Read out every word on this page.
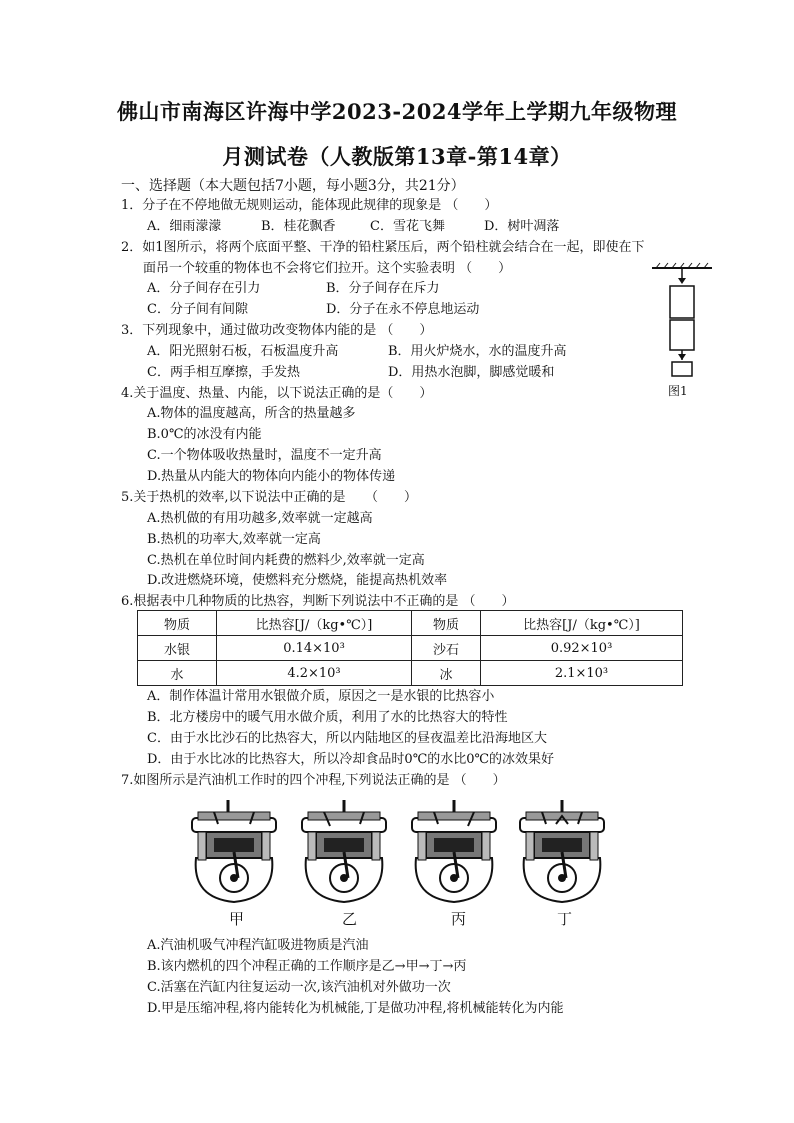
佛山市南海区许海中学2023-2024学年上学期九年级物理
月测试卷（人教版第13章-第14章）
一、选择题（本大题包括7小题，每小题3分，共21分）
1．分子在不停地做无规则运动，能体现此规律的现象是 （　　）
A．细雨濛濛	B．桂花飘香	C．雪花飞舞	D．树叶凋落
2．如1图所示，将两个底面平整、干净的铅柱紧压后，两个铅柱就会结合在一起，即使在下
面吊一个较重的物体也不会将它们拉开。这个实验表明 （　　）
A．分子间存在引力	B．分子间存在斥力
C．分子间有间隙	D．分子在永不停息地运动
图1
3．下列现象中，通过做功改变物体内能的是 （　　）
A．阳光照射石板，石板温度升高	B．用火炉烧水，水的温度升高
C．两手相互摩擦，手发热	D．用热水泡脚，脚感觉暖和
4.关于温度、热量、内能，以下说法正确的是（　　）
A.物体的温度越高，所含的热量越多
B.0℃的冰没有内能
C.一个物体吸收热量时，温度不一定升高
D.热量从内能大的物体向内能小的物体传递
5.关于热机的效率,以下说法中正确的是　　（　　）
A.热机做的有用功越多,效率就一定越高
B.热机的功率大,效率就一定高
C.热机在单位时间内耗费的燃料少,效率就一定高
D.改进燃烧环境，使燃料充分燃烧，能提高热机效率
6.根据表中几种物质的比热容，判断下列说法中不正确的是 （　　）
物质	比热容[J/（kg•℃）]	物质	比热容[J/（kg•℃）]
水银	0.14×10³	沙石	0.92×10³
水	4.2×10³	冰	2.1×10³
A．制作体温计常用水银做介质，原因之一是水银的比热容小
B．北方楼房中的暖气用水做介质，利用了水的比热容大的特性
C．由于水比沙石的比热容大，所以内陆地区的昼夜温差比沿海地区大
D．由于水比冰的比热容大，所以冷却食品时0℃的水比0℃的冰效果好
7.如图所示是汽油机工作时的四个冲程,下列说法正确的是 （　　）
甲	乙	丙	丁
A.汽油机吸气冲程汽缸吸进物质是汽油
B.该内燃机的四个冲程正确的工作顺序是乙→甲→丁→丙
C.活塞在汽缸内往复运动一次,该汽油机对外做功一次
D.甲是压缩冲程,将内能转化为机械能,丁是做功冲程,将机械能转化为内能
